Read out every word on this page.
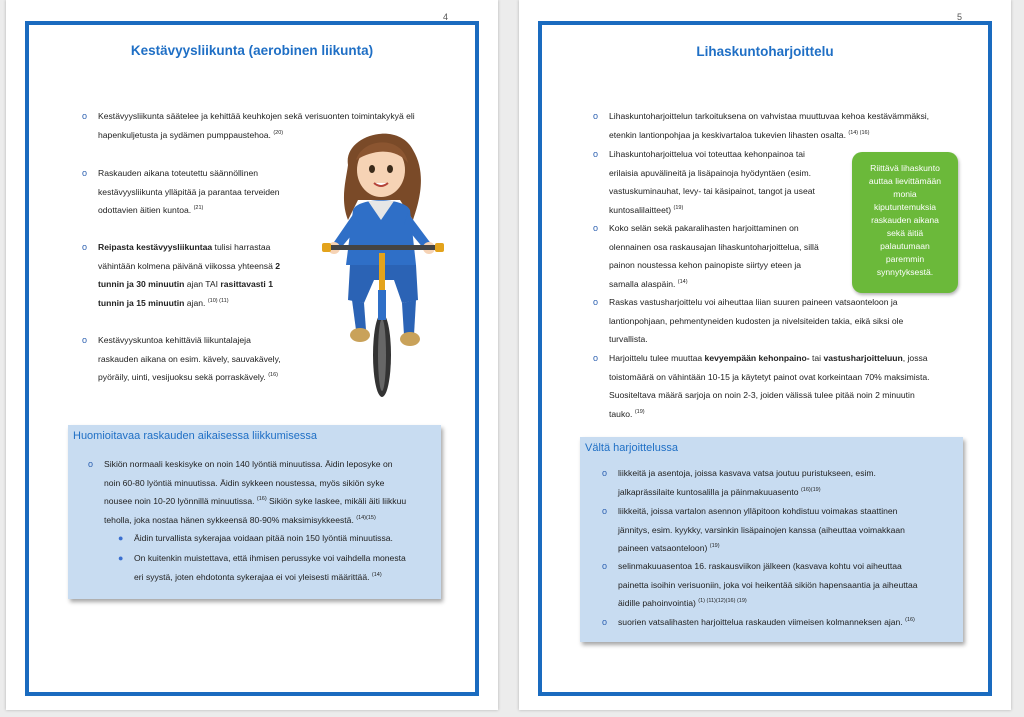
4
Kestävyysliikunta (aerobinen liikunta)
o Kestävyysliikunta säätelee ja kehittää keuhkojen sekä verisuonten toimintakykyä eli
hapenkuljetusta ja sydämen pumppaustehoa. $^{(20)}$
o Raskauden aikana toteutettu säännöllinen
kestävyysliikunta ylläpitää ja parantaa terveiden
odottavien äitien kuntoa. $^{(21)}$
o Reipasta kestävyysliikuntaa tulisi harrastaa
vähintään kolmena päivänä viikossa yhteensä 2
tunnin ja 30 minuutin ajan TAI rasittavasti 1
tunnin ja 15 minuutin ajan. $^{(10) (11)}$
o Kestävyyskuntoa kehittäviä liikuntalajeja
raskauden aikana on esim. kävely, sauvakävely,
pyöräily, uinti, vesijuoksu sekä porraskävely. $^{(16)}$
Huomioitavaa raskauden aikaisessa liikkumisessa
o Sikiön normaali keskisyke on noin 140 lyöntiä minuutissa. Äidin leposyke on
noin 60-80 lyöntiä minuutissa. Äidin sykkeen noustessa, myös sikiön syke
nousee noin 10-20 lyönnillä minuutissa. $^{(16)}$ Sikiön syke laskee, mikäli äiti liikkuu
teholla, joka nostaa hänen sykkeensä 80-90% maksimisykkeestä. $^{(14)(15)}$
● Äidin turvallista sykerajaa voidaan pitää noin 150 lyöntiä minuutissa.
● On kuitenkin muistettava, että ihmisen perussyke voi vaihdella monesta
eri syystä, joten ehdotonta sykerajaa ei voi yleisesti määrittää. $^{(14)}$
5
Lihaskuntoharjoittelu
o Lihaskuntoharjoittelun tarkoituksena on vahvistaa muuttuvaa kehoa kestävämmäksi,
etenkin lantionpohjaa ja keskivartaloa tukevien lihasten osalta. $^{(14) (16)}$
o Lihaskuntoharjoittelua voi toteuttaa kehonpainoa tai
erilaisia apuvälineitä ja lisäpainoja hyödyntäen (esim.
vastuskuminauhat, levy- tai käsipainot, tangot ja useat
kuntosalilaitteet) $^{(19)}$
o Koko selän sekä pakaralihasten harjoittaminen on
olennainen osa raskausajan lihaskuntoharjoittelua, sillä
painon noustessa kehon painopiste siirtyy eteen ja
samalla alaspäin. $^{(14)}$
Riittävä lihaskunto
auttaa lievittämään
monia
kiputuntemuksia
raskauden aikana
sekä äitiä
palautumaan
paremmin
synnytyksestä.
o Raskas vastusharjoittelu voi aiheuttaa liian suuren paineen vatsaonteloon ja
lantionpohjaan, pehmentyneiden kudosten ja nivelsiteiden takia, eikä siksi ole
turvallista.
o Harjoittelu tulee muuttaa kevyempään kehonpaino- tai vastusharjoitteluun, jossa
toistomäärä on vähintään 10-15 ja käytetyt painot ovat korkeintaan 70% maksimista.
Suositeltava määrä sarjoja on noin 2-3, joiden välissä tulee pitää noin 2 minuutin
tauko. $^{(19)}$
Vältä harjoittelussa
o liikkeitä ja asentoja, joissa kasvava vatsa joutuu puristukseen, esim.
jalkaprässilaite kuntosalilla ja päinmakuuasento $^{(16)(19)}$
o liikkeitä, joissa vartalon asennon ylläpitoon kohdistuu voimakas staattinen
jännitys, esim. kyykky, varsinkin lisäpainojen kanssa (aiheuttaa voimakkaan
paineen vatsaonteloon) $^{(19)}$
o selinmakuuasentoa 16. raskausviikon jälkeen (kasvava kohtu voi aiheuttaa
painetta isoihin verisuoniin, joka voi heikentää sikiön hapensaantia ja aiheuttaa
äidille pahoinvointia) $^{(1) (11)(12)(16) (19)}$
o suorien vatsalihasten harjoittelua raskauden viimeisen kolmanneksen ajan. $^{(16)}$
